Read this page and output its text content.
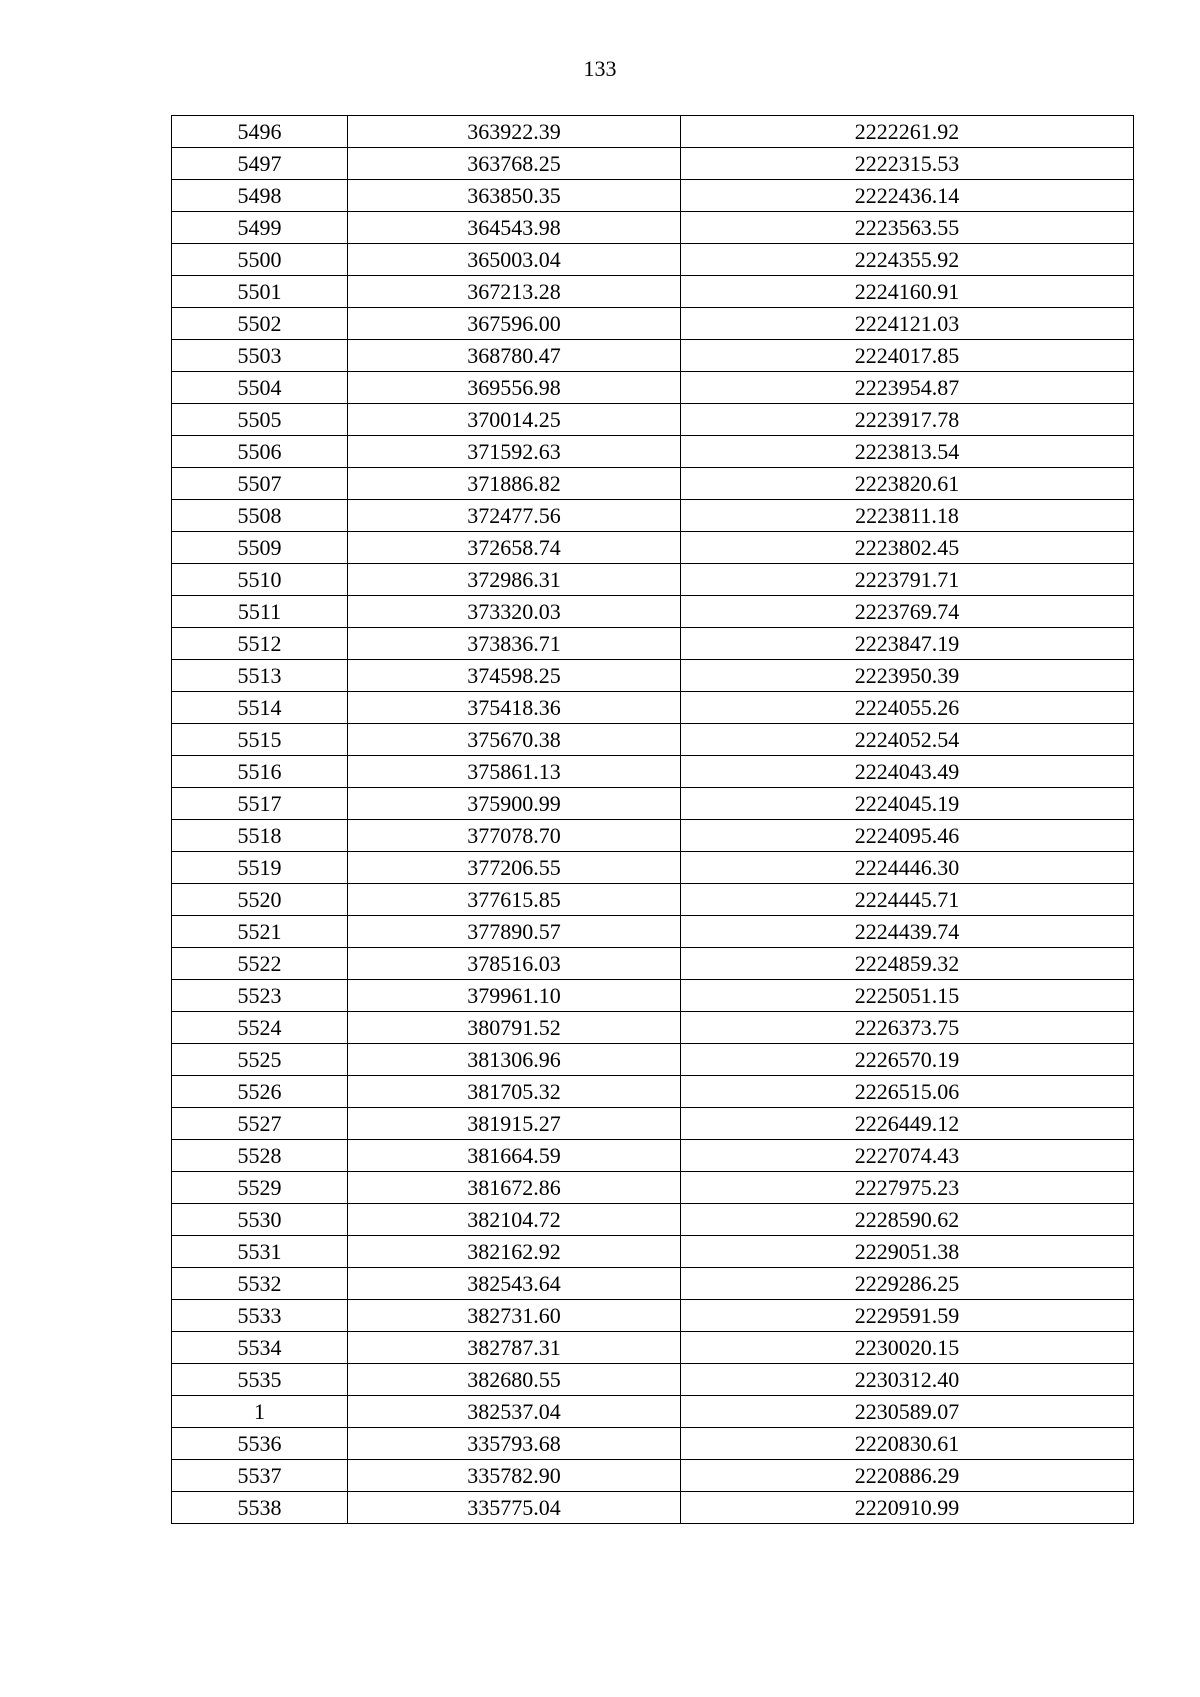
133
5496	363922.39	2222261.92
5497	363768.25	2222315.53
5498	363850.35	2222436.14
5499	364543.98	2223563.55
5500	365003.04	2224355.92
5501	367213.28	2224160.91
5502	367596.00	2224121.03
5503	368780.47	2224017.85
5504	369556.98	2223954.87
5505	370014.25	2223917.78
5506	371592.63	2223813.54
5507	371886.82	2223820.61
5508	372477.56	2223811.18
5509	372658.74	2223802.45
5510	372986.31	2223791.71
5511	373320.03	2223769.74
5512	373836.71	2223847.19
5513	374598.25	2223950.39
5514	375418.36	2224055.26
5515	375670.38	2224052.54
5516	375861.13	2224043.49
5517	375900.99	2224045.19
5518	377078.70	2224095.46
5519	377206.55	2224446.30
5520	377615.85	2224445.71
5521	377890.57	2224439.74
5522	378516.03	2224859.32
5523	379961.10	2225051.15
5524	380791.52	2226373.75
5525	381306.96	2226570.19
5526	381705.32	2226515.06
5527	381915.27	2226449.12
5528	381664.59	2227074.43
5529	381672.86	2227975.23
5530	382104.72	2228590.62
5531	382162.92	2229051.38
5532	382543.64	2229286.25
5533	382731.60	2229591.59
5534	382787.31	2230020.15
5535	382680.55	2230312.40
1	382537.04	2230589.07
5536	335793.68	2220830.61
5537	335782.90	2220886.29
5538	335775.04	2220910.99
